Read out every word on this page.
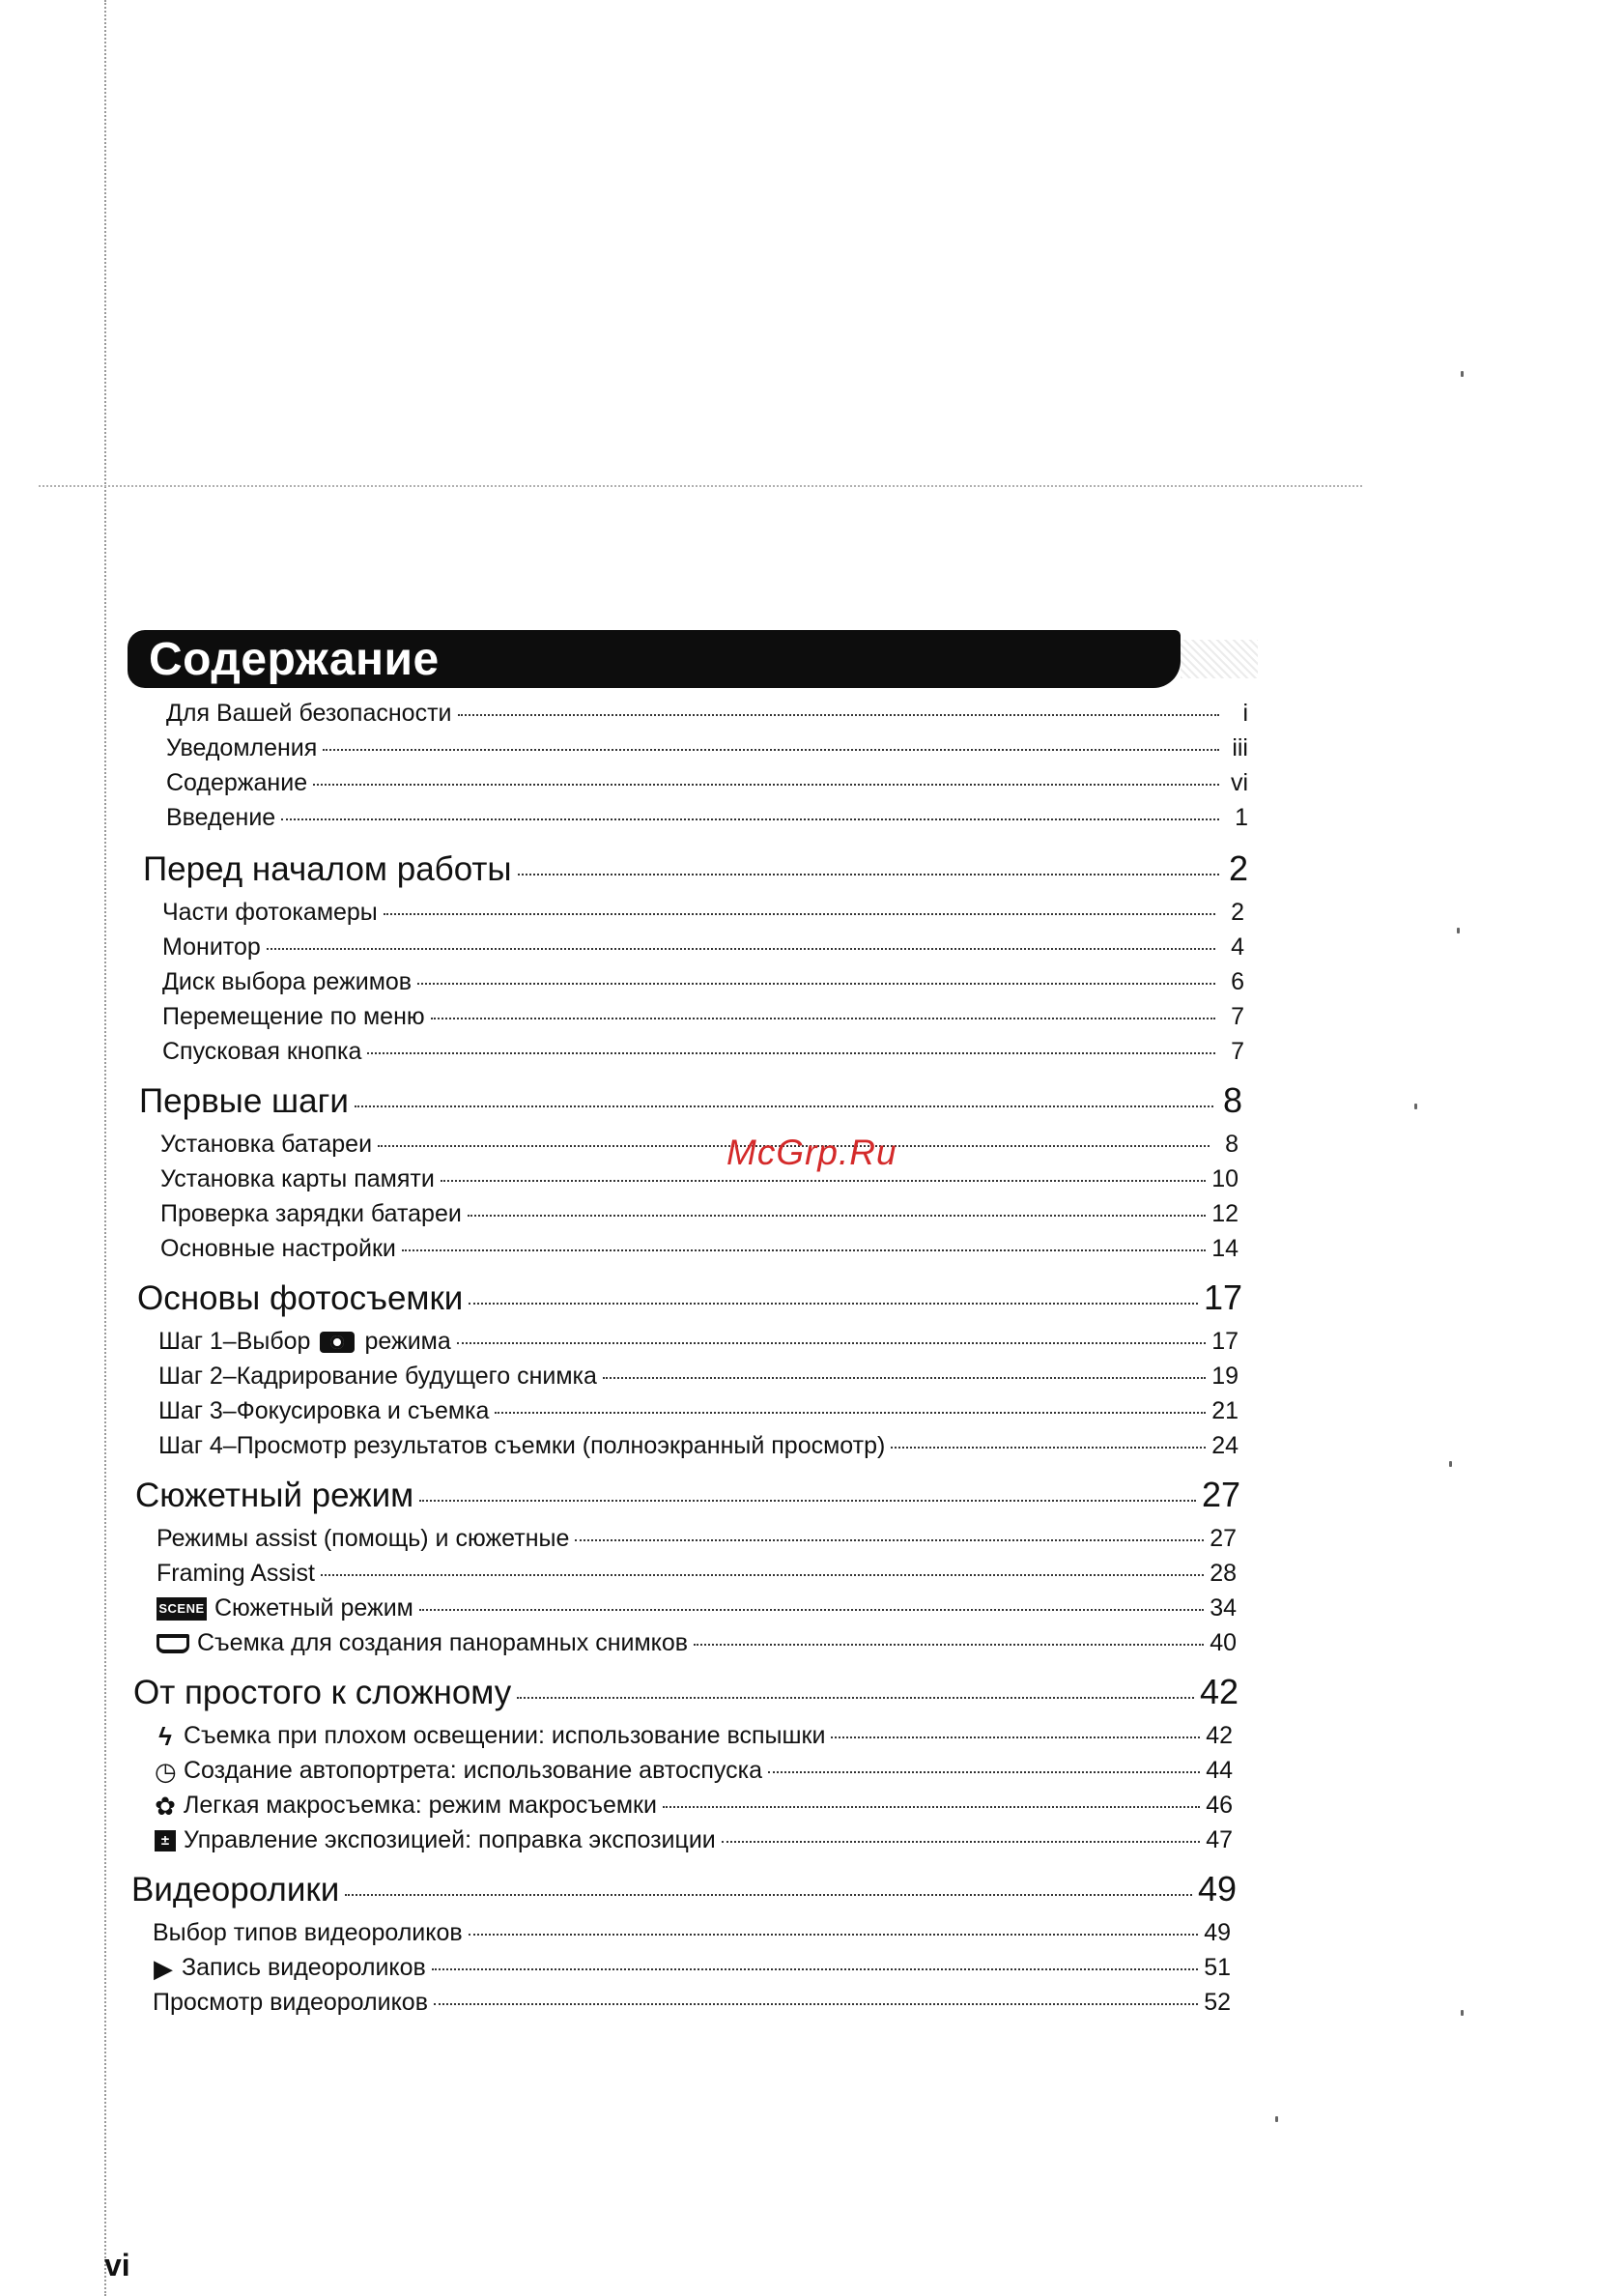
Содержание
Для Вашей безопасности	i
Уведомления	iii
Содержание	vi
Введение	1
Перед началом работы	2
Части фотокамеры	2
Монитор	4
Диск выбора режимов	6
Перемещение по меню	7
Спусковая кнопка	7
Первые шаги	8
Установка батареи	8
Установка карты памяти	10
Проверка зарядки батареи	12
Основные настройки	14
Основы фотосъемки	17
Шаг 1–Выбор режима	17
Шаг 2–Кадрирование будущего снимка	19
Шаг 3–Фокусировка и съемка	21
Шаг 4–Просмотр результатов съемки (полноэкранный просмотр)	24
Сюжетный режим	27
Режимы assist (помощь) и сюжетные	27
Framing Assist	28
SCENE Сюжетный режим	34
Съемка для создания панорамных снимков	40
От простого к сложному	42
ϟ Съемка при плохом освещении: использование вспышки	42
◷ Создание автопортрета: использование автоспуска	44
✿ Легкая макросъемка: режим макросъемки	46
± Управление экспозицией: поправка экспозиции	47
Видеоролики	49
Выбор типов видеороликов	49
▶ Запись видеороликов	51
Просмотр видеороликов	52
McGrp.Ru
vi
